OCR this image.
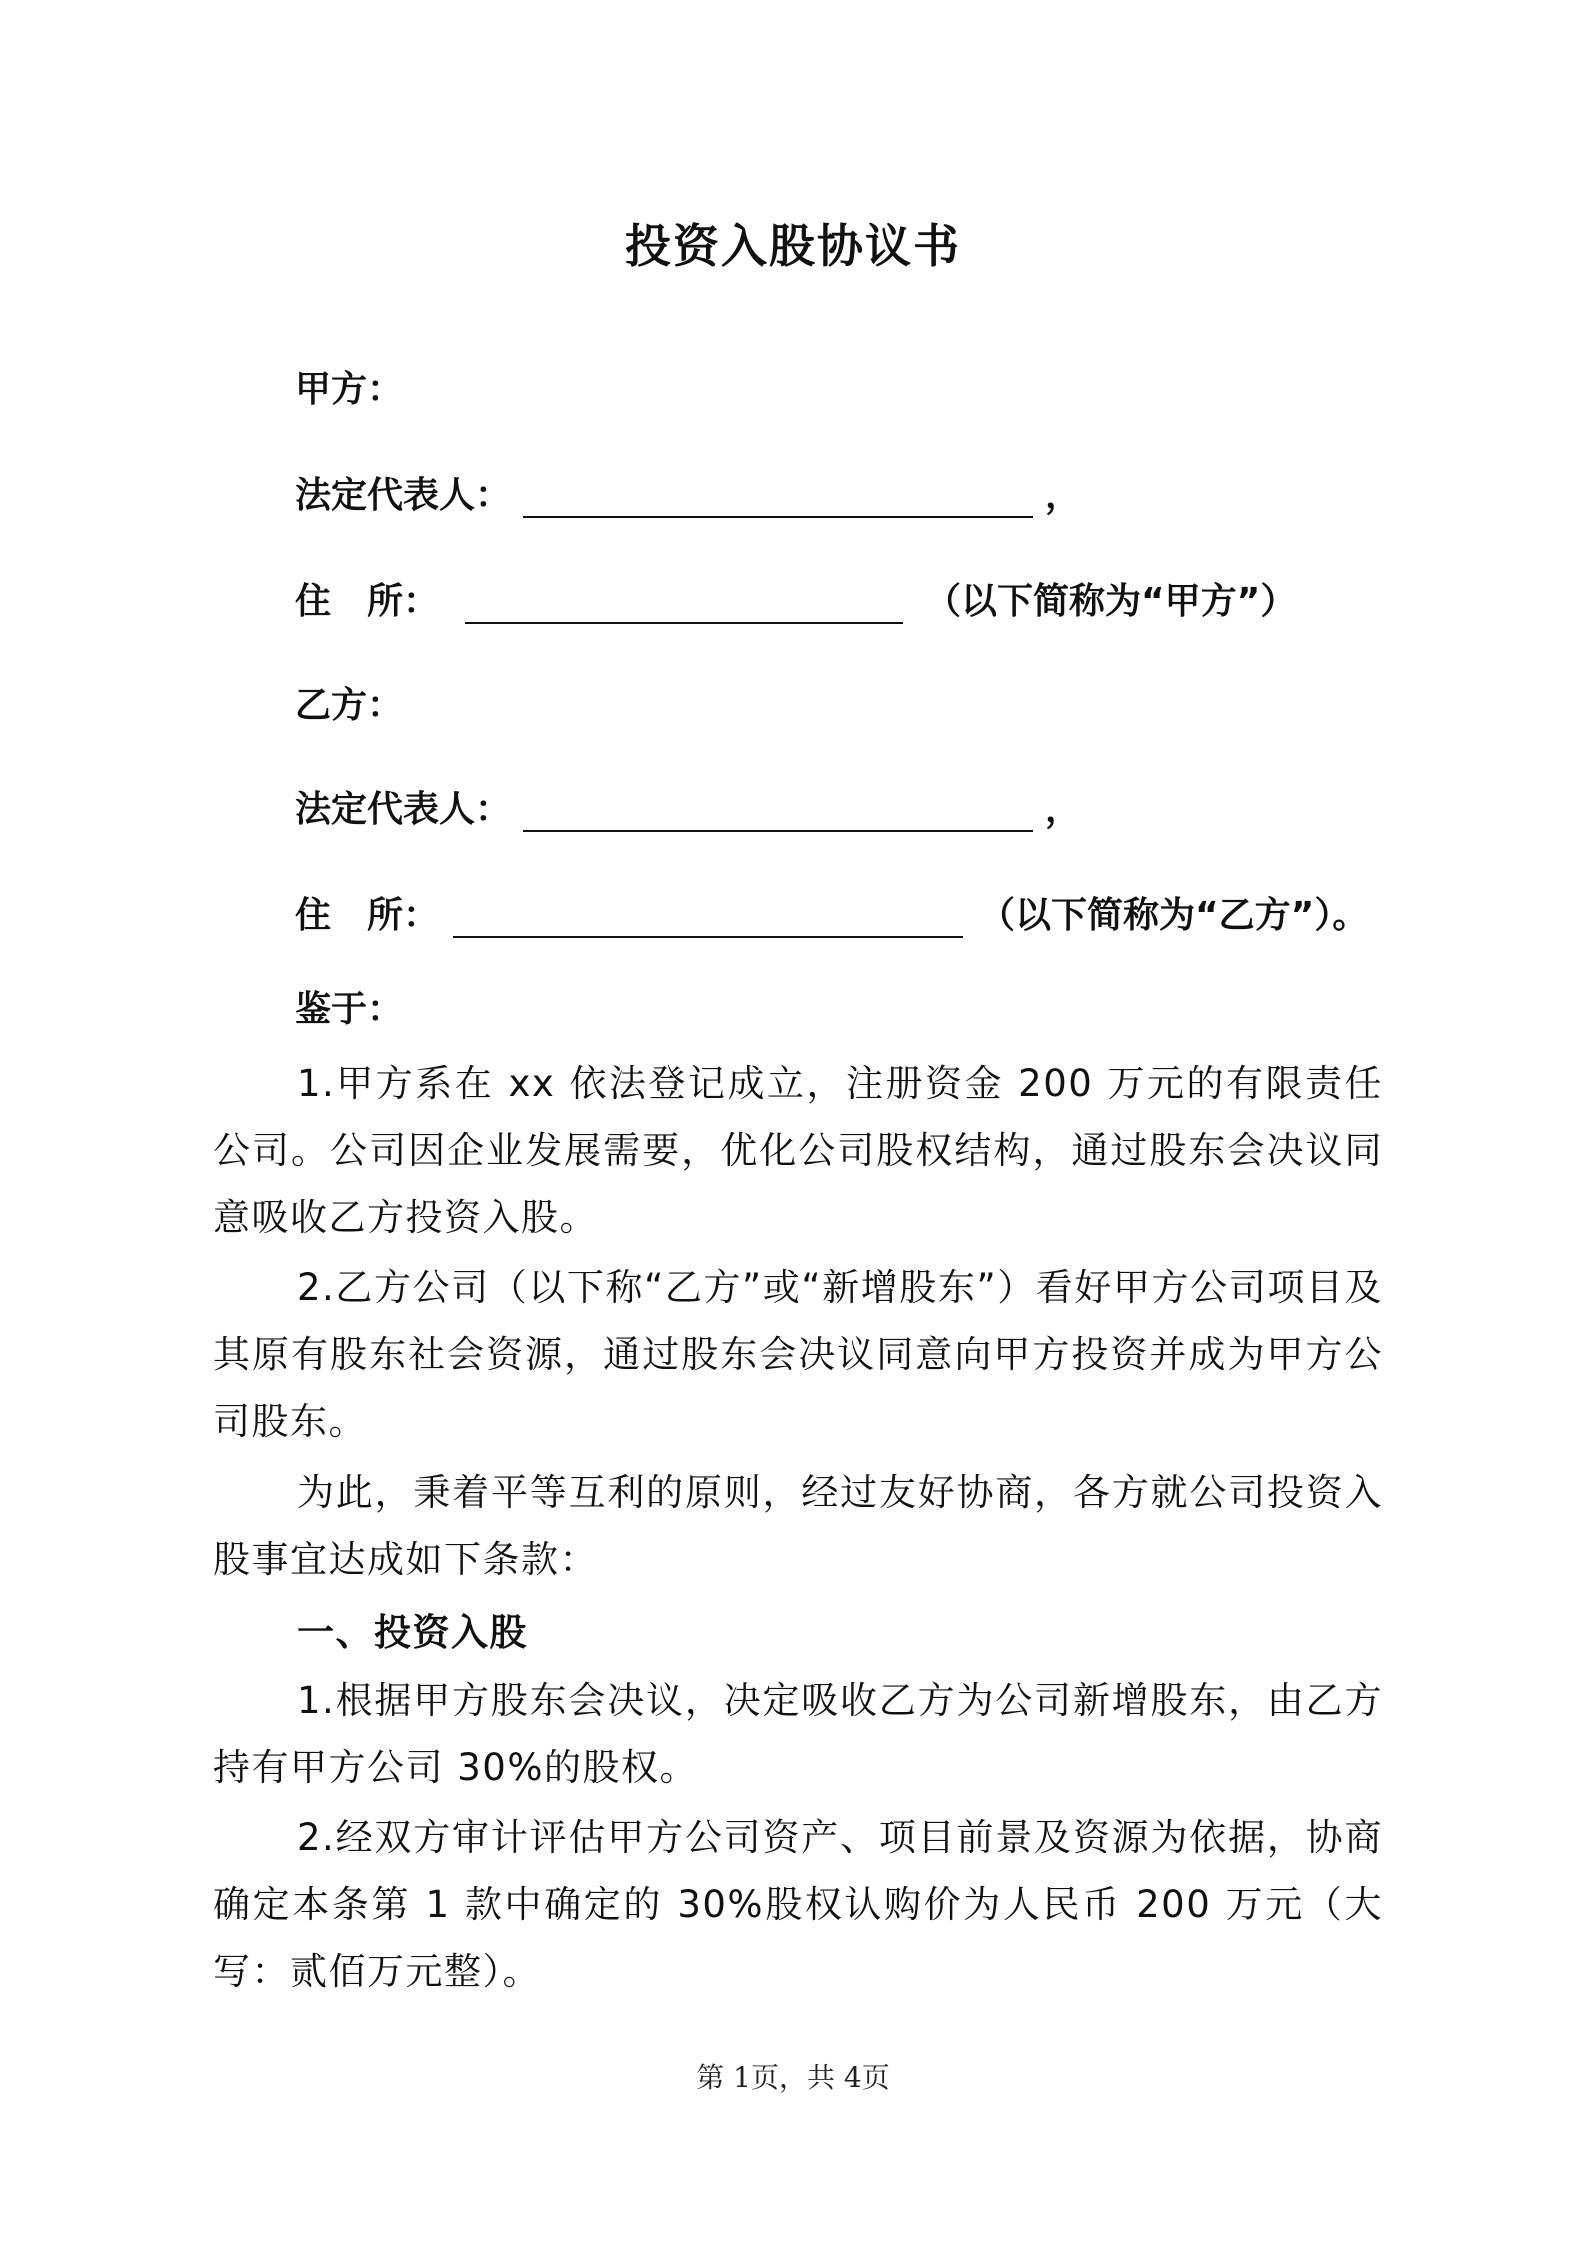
投资入股协议书
甲方：
法定代表人：	，
住　所：	（以下简称为“甲方”）
乙方：
法定代表人：	，
住　所：	（以下简称为“乙方”）。
鉴于：
1.甲方系在 xx 依法登记成立，注册资金 200 万元的有限责任公司。公司因企业发展需要，优化公司股权结构，通过股东会决议同意吸收乙方投资入股。
2.乙方公司（以下称“乙方”或“新增股东”）看好甲方公司项目及其原有股东社会资源，通过股东会决议同意向甲方投资并成为甲方公司股东。
为此，秉着平等互利的原则，经过友好协商，各方就公司投资入股事宜达成如下条款：
一、投资入股
1.根据甲方股东会决议，决定吸收乙方为公司新增股东，由乙方持有甲方公司 30%的股权。
2.经双方审计评估甲方公司资产、项目前景及资源为依据，协商确定本条第 1 款中确定的 30%股权认购价为人民币 200 万元（大写：贰佰万元整）。
第 1页，共 4页
